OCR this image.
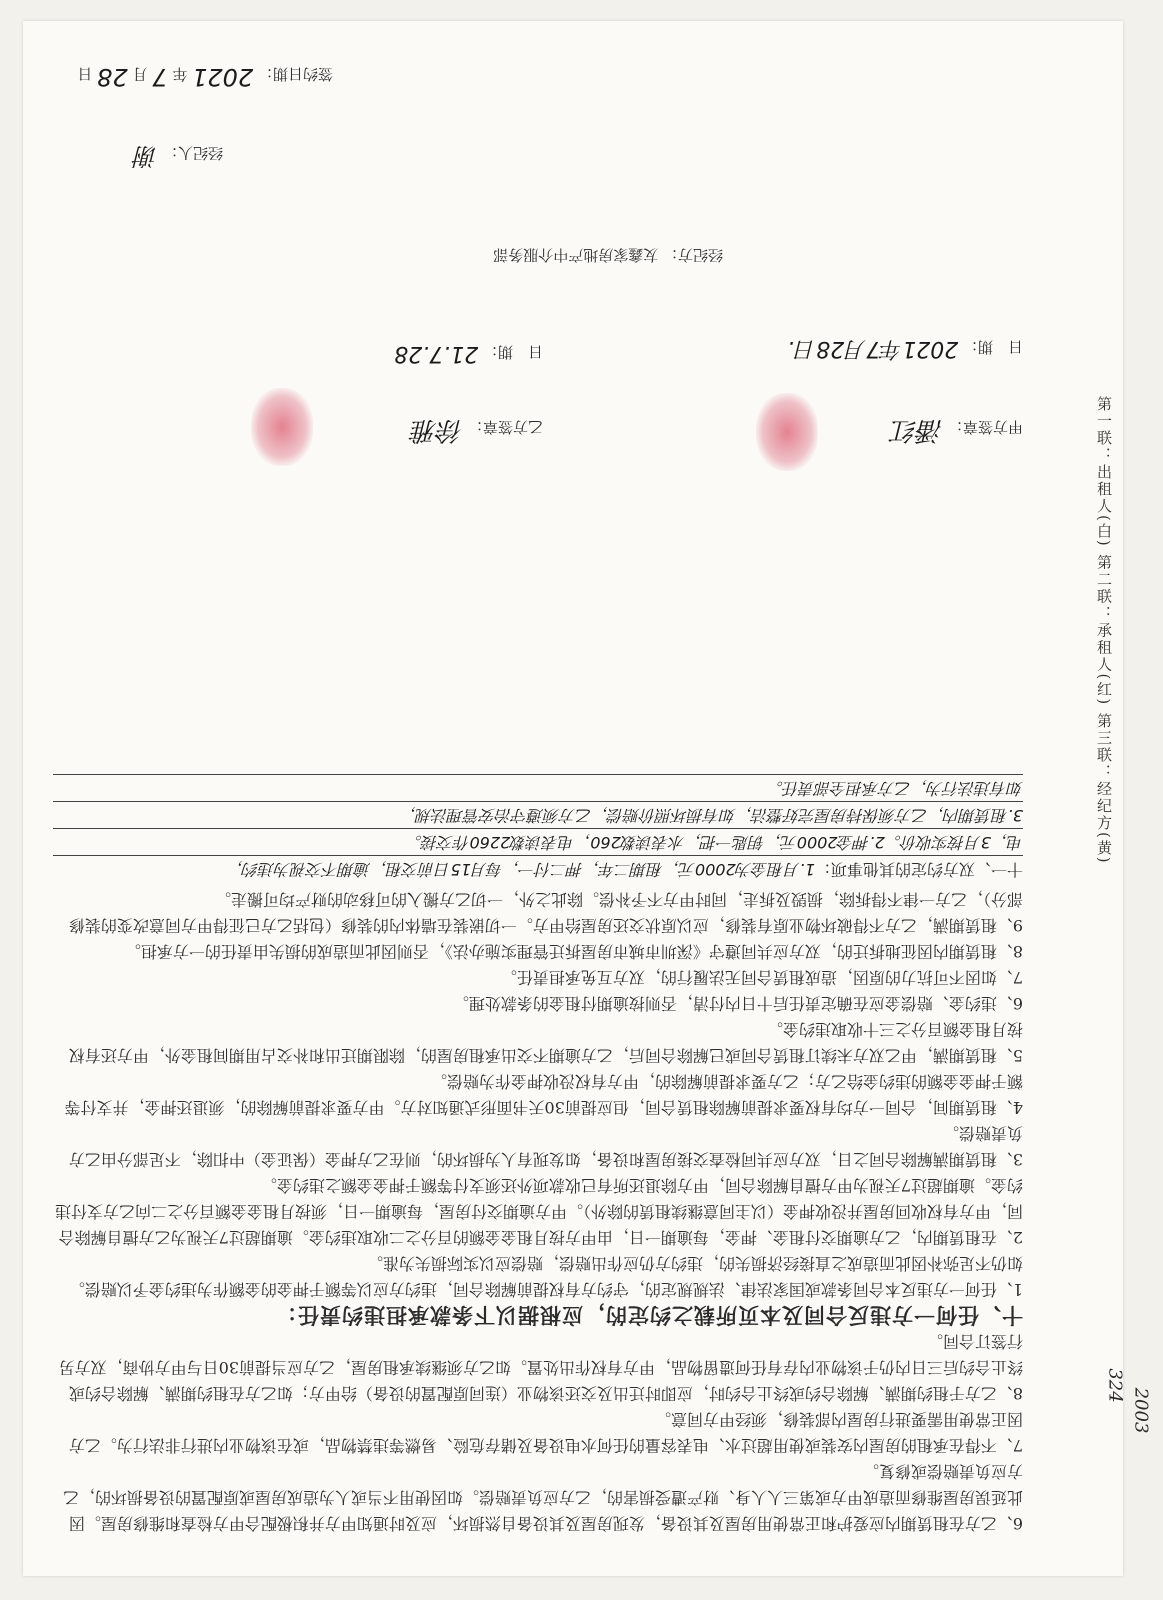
第一联：出租人(白) 第二联：承租人(红) 第三联：经纪方(黄)

6、乙方在租赁期内应爱护和正常使用房屋及其设备，发现房屋及其设备自然损坏，应及时通知甲方并积极配合甲方检查和维修房屋。因此延误房屋维修而造成甲方或第三人人身、财产遭受损害的，乙方应负责赔偿。如因使用不当或人为造成房屋或原配置的设备损坏的，乙方应负责赔偿或修复。

7、不得在承租的房屋内安装或使用超过水、电表容量的任何水电设备及储存危险、易燃等违禁物品，或在该物业内进行非法行为。乙方因正常使用需要进行房屋内部装修，须经甲方同意。

8、乙方于租约期满、解除合约或终止合约时，应即时迁出及交还该物业（连同原配置的设备）给甲方；如乙方在租约期满、解除合约或终止合约后三日内仍于该物业内存有任何遗留物品，甲方有权作出处置。如乙方须继续承租房屋，乙方应当提前30日与甲方协商，双方另行签订合同。

十、任何一方违反合同及本页所载之约定的，应根据以下条款承担违约责任：

1、任何一方违反本合同条款或国家法律、法规规定的，守约方有权提前解除合同，违约方应以等额于押金的金额作为违约金予以赔偿。如仍不足弥补因此而造成之直接经济损失的，违约方仍应作出赔偿，赔偿应以实际损失为准。

2、在租赁期内，乙方逾期交付租金、押金，每逾期一日，由甲方按月租金金额的百分之二收取违约金。逾期超过7天视为乙方擅自解除合同，甲方有权收回房屋并没收押金（以主同意继续租赁的除外）。甲方逾期交付房屋，每逾期一日，须按月租金金额百分之二向乙方支付违约金。逾期超过7天视为甲方擅自解除合同，甲方除退还所有已收款项外还须支付等额于押金金额之违约金。

3、租赁期满解除合同之日，双方应共同检查交接房屋和设备，如发现有人为损坏的，则在乙方押金（保证金）中扣除，不足部分由乙方负责赔偿。

4、租赁期间，合同一方均有权要求提前解除租赁合同，但应提前30天书面形式通知对方。甲方要求提前解除的，须退还押金，并支付等额于押金金额的违约金给乙方；乙方要求提前解除的，甲方有权没收押金作为赔偿。

5、租赁期满，甲乙双方未续订租赁合同或已解除合同后，乙方逾期不交出承租房屋的，除限期迁出和补交占用期间租金外，甲方还有权按月租金额百分之三十收取违约金。

6、违约金、赔偿金应在确定责任后十日内付清，否则按逾期付租金的条款处理。

7、如因不可抗力的原因，造成租赁合同无法履行的，双方互免承担责任。

8、租赁期内因征地拆迁的，双方应共同遵守《深圳市城市房屋拆迁管理实施办法》，否则因此而造成的损失由责任的一方承担。

9、租赁期满，乙方不得破坏物业原有装修，应以原状交还房屋给甲方。一切嵌装在墙体内的装修（包括乙方已征得甲方同意改变的装修部分），乙方一律不得拆除，损毁及拆走，同时甲方不予补偿。除此之外，一切乙方搬入的可移动的财产均可搬走。

十一、双方约定的其他事项：1.月租金为2000元，租期二年，押二付一，每月15日前交租，逾期不交视为违约，

电，3月按实收价。2.押金2000元，钥匙一把，水表读数260，电表读数2260作交接。

3.租赁期内，乙方须保持房屋完好整洁，如有损坏照价赔偿，乙方须遵守治安管理法规，

如有违法行为，乙方承担全部责任。

甲方签章： 潘红
乙方签章： 徐雅
日　期： 2021年7月28日.
日　期： 21.7.28
经纪方： 友鑫家房地产中介服务部
经纪人： 谢
签约日期： 2021 年 7 月 28 日
324
2003
